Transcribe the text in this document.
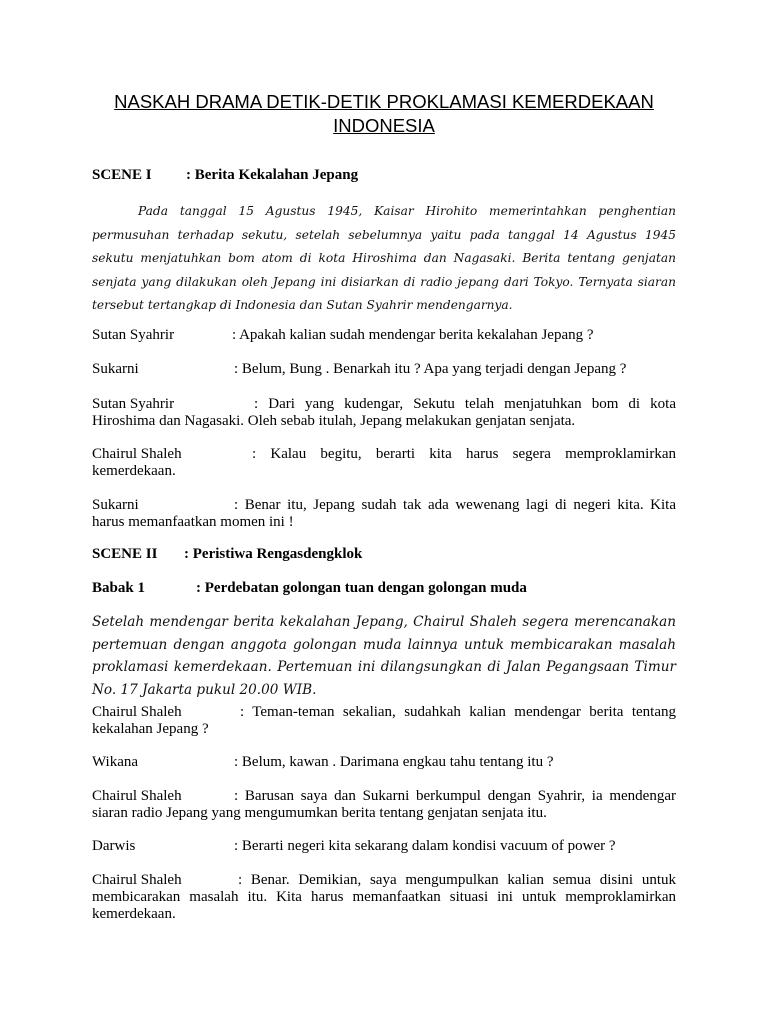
NASKAH DRAMA DETIK-DETIK PROKLAMASI KEMERDEKAAN
INDONESIA
SCENE I : Berita Kekalahan Jepang
Pada tanggal 15 Agustus 1945, Kaisar Hirohito memerintahkan penghentian permusuhan terhadap sekutu, setelah sebelumnya yaitu pada tanggal 14 Agustus 1945 sekutu menjatuhkan bom atom di kota Hiroshima dan Nagasaki. Berita tentang genjatan senjata yang dilakukan oleh Jepang ini disiarkan di radio jepang dari Tokyo. Ternyata siaran tersebut tertangkap di Indonesia dan Sutan Syahrir mendengarnya.
Sutan Syahrir	: Apakah kalian sudah mendengar berita kekalahan Jepang ?
Sukarni	: Belum, Bung . Benarkah itu ? Apa yang terjadi dengan Jepang ?
Sutan Syahrir	: Dari yang kudengar, Sekutu telah menjatuhkan bom di kota Hiroshima dan Nagasaki. Oleh sebab itulah, Jepang melakukan genjatan senjata.
Chairul Shaleh	: Kalau begitu, berarti kita harus segera memproklamirkan kemerdekaan.
Sukarni	: Benar itu, Jepang sudah tak ada wewenang lagi di negeri kita. Kita harus memanfaatkan momen ini !
SCENE II : Peristiwa Rengasdengklok
Babak 1	: Perdebatan golongan tuan dengan golongan muda
Setelah mendengar berita kekalahan Jepang, Chairul Shaleh segera merencanakan pertemuan dengan anggota golongan muda lainnya untuk membicarakan masalah proklamasi kemerdekaan. Pertemuan ini dilangsungkan di Jalan Pegangsaan Timur No. 17 Jakarta pukul 20.00 WIB.
Chairul Shaleh	: Teman-teman sekalian, sudahkah kalian mendengar berita tentang kekalahan Jepang ?
Wikana	: Belum, kawan . Darimana engkau tahu tentang itu ?
Chairul Shaleh	: Barusan saya dan Sukarni berkumpul dengan Syahrir, ia mendengar siaran radio Jepang yang mengumumkan berita tentang genjatan senjata itu.
Darwis	: Berarti negeri kita sekarang dalam kondisi vacuum of power ?
Chairul Shaleh	: Benar. Demikian, saya mengumpulkan kalian semua disini untuk membicarakan masalah itu. Kita harus memanfaatkan situasi ini untuk memproklamirkan kemerdekaan.
